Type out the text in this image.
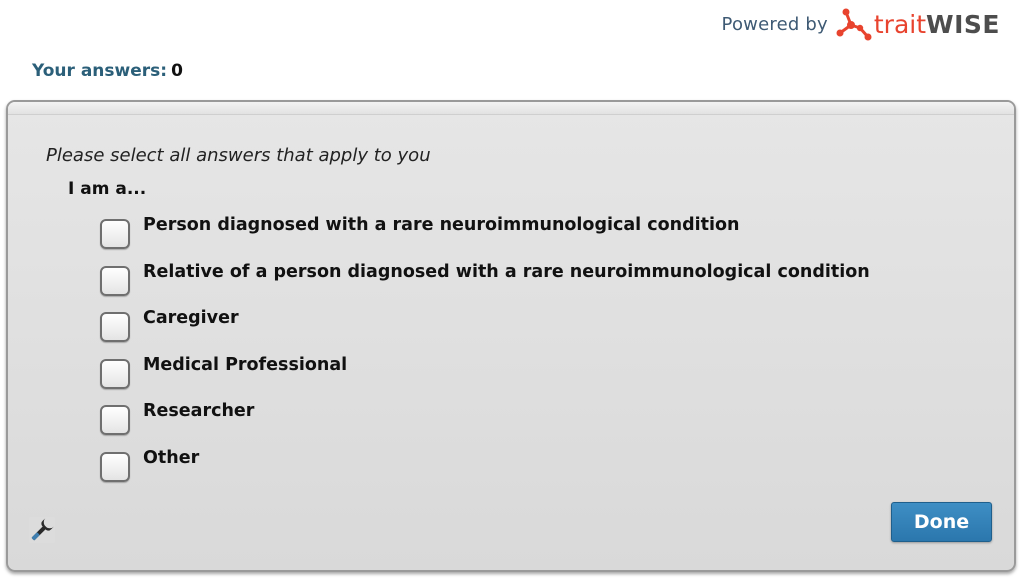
Powered by trait WISE
Your answers: 0
Please select all answers that apply to you
I am a...
Person diagnosed with a rare neuroimmunological condition
Relative of a person diagnosed with a rare neuroimmunological condition
Caregiver
Medical Professional
Researcher
Other
Done
